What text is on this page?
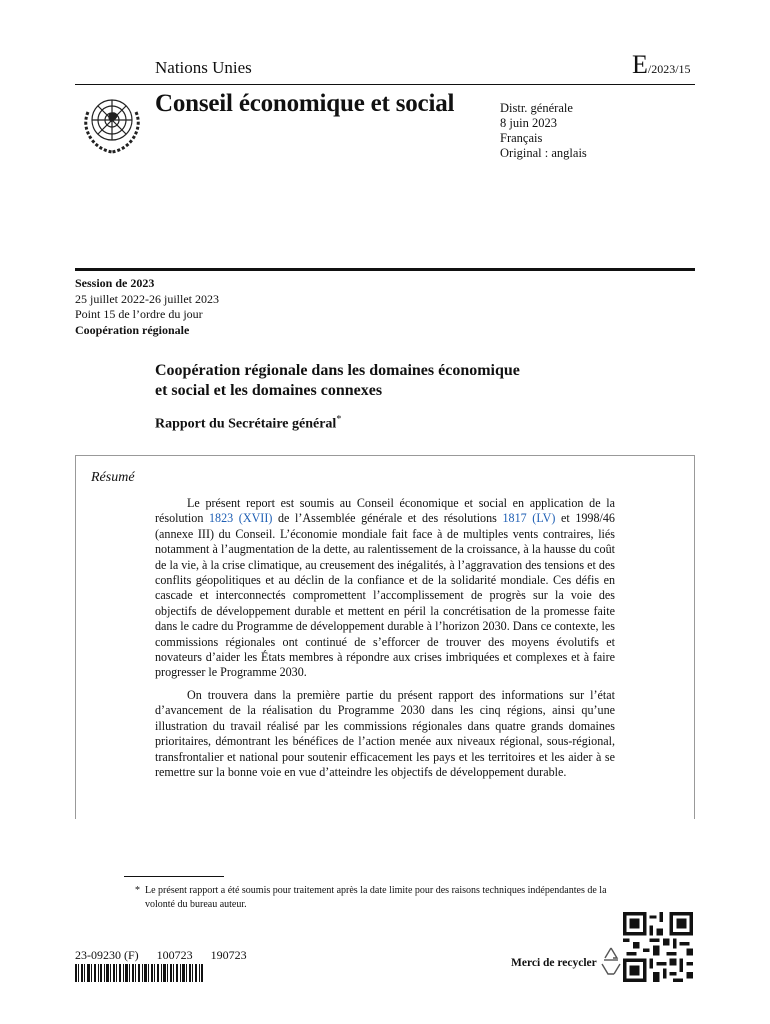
Nations Unies	E/2023/15
Conseil économique et social	Distr. générale
8 juin 2023
Français
Original : anglais
Session de 2023
25 juillet 2022-26 juillet 2023
Point 15 de l’ordre du jour
Coopération régionale
Coopération régionale dans les domaines économique
et social et les domaines connexes
Rapport du Secrétaire général*
Résumé

Le présent report est soumis au Conseil économique et social en application de la résolution 1823 (XVII) de l’Assemblée générale et des résolutions 1817 (LV) et 1998/46 (annexe III) du Conseil. L’économie mondiale fait face à de multiples vents contraires, liés notamment à l’augmentation de la dette, au ralentissement de la croissance, à la hausse du coût de la vie, à la crise climatique, au creusement des inégalités, à l’aggravation des tensions et des conflits géopolitiques et au déclin de la confiance et de la solidarité mondiale. Ces défis en cascade et interconnectés compromettent l’accomplissement de progrès sur la voie des objectifs de développement durable et mettent en péril la concrétisation de la promesse faite dans le cadre du Programme de développement durable à l’horizon 2030. Dans ce contexte, les commissions régionales ont continué de s’efforcer de trouver des moyens évolutifs et novateurs d’aider les États membres à répondre aux crises imbriquées et complexes et à faire progresser le Programme 2030.

On trouvera dans la première partie du présent rapport des informations sur l’état d’avancement de la réalisation du Programme 2030 dans les cinq régions, ainsi qu’une illustration du travail réalisé par les commissions régionales dans quatre grands domaines prioritaires, démontrant les bénéfices de l’action menée aux niveaux régional, sous-régional, transfrontalier et national pour soutenir efficacement les pays et les territoires et les aider à se remettre sur la bonne voie en vue d’atteindre les objectifs de développement durable.

* Le présent rapport a été soumis pour traitement après la date limite pour des raisons techniques indépendantes de la volonté du bureau auteur.
23-09230 (F) 100723 190723
Merci de recycler
